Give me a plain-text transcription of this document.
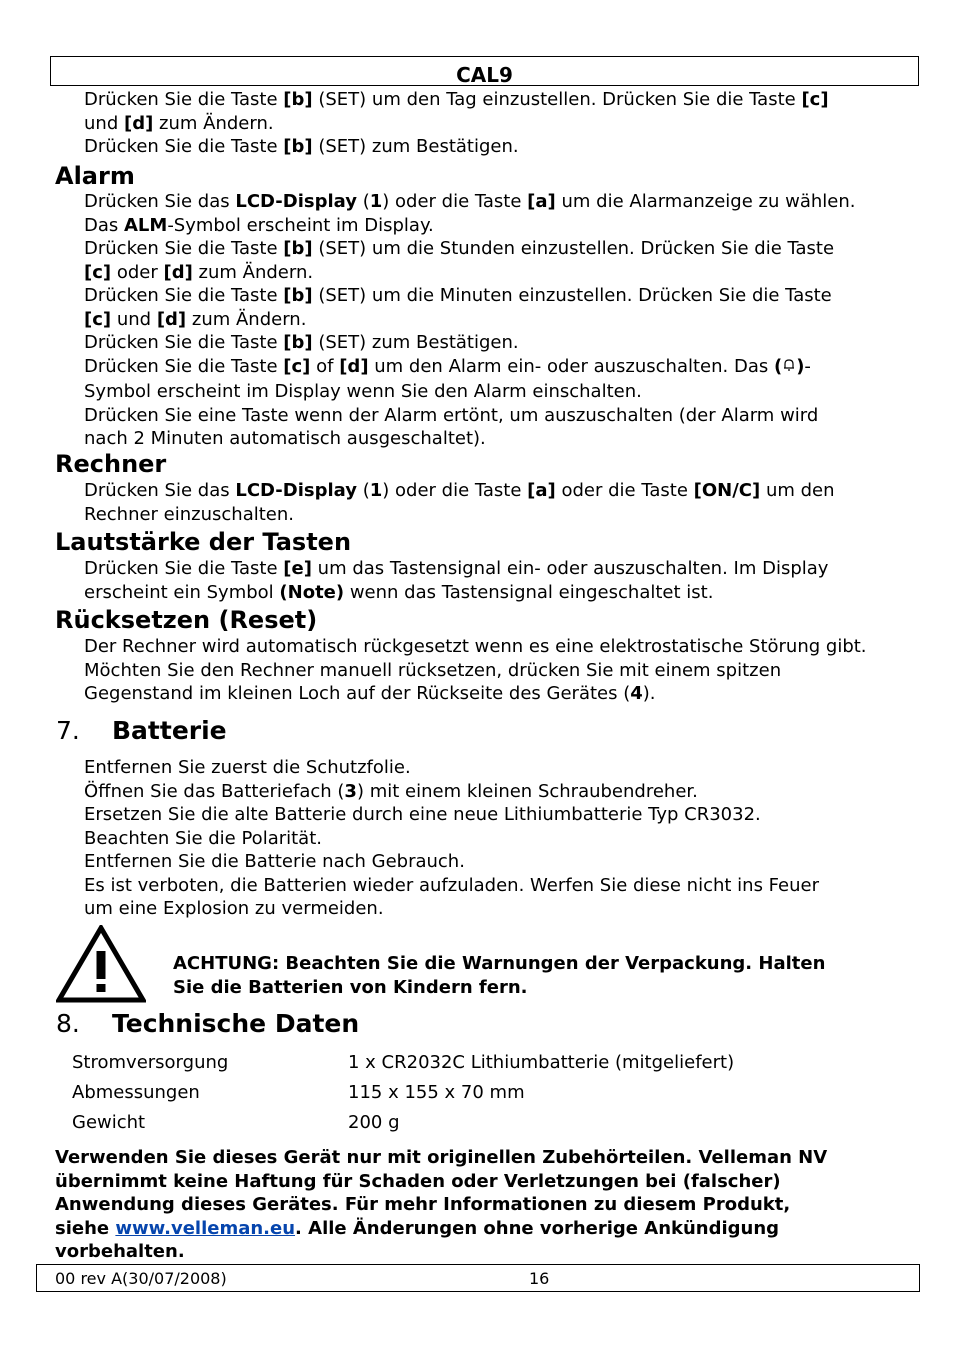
CAL9
Drücken Sie die Taste [b] (SET) um den Tag einzustellen. Drücken Sie die Taste [c]
und [d] zum Ändern.
Drücken Sie die Taste [b] (SET) zum Bestätigen.
Alarm
Drücken Sie das LCD-Display (1) oder die Taste [a] um die Alarmanzeige zu wählen.
Das ALM-Symbol erscheint im Display.
Drücken Sie die Taste [b] (SET) um die Stunden einzustellen. Drücken Sie die Taste
[c] oder [d] zum Ändern.
Drücken Sie die Taste [b] (SET) um die Minuten einzustellen. Drücken Sie die Taste
[c] und [d] zum Ändern.
Drücken Sie die Taste [b] (SET) zum Bestätigen.
Drücken Sie die Taste [c] of [d] um den Alarm ein- oder auszuschalten. Das ( )-
Symbol erscheint im Display wenn Sie den Alarm einschalten.
Drücken Sie eine Taste wenn der Alarm ertönt, um auszuschalten (der Alarm wird
nach 2 Minuten automatisch ausgeschaltet).
Rechner
Drücken Sie das LCD-Display (1) oder die Taste [a] oder die Taste [ON/C] um den
Rechner einzuschalten.
Lautstärke der Tasten
Drücken Sie die Taste [e] um das Tastensignal ein- oder auszuschalten. Im Display
erscheint ein Symbol (Note) wenn das Tastensignal eingeschaltet ist.
Rücksetzen (Reset)
Der Rechner wird automatisch rückgesetzt wenn es eine elektrostatische Störung gibt.
Möchten Sie den Rechner manuell rücksetzen, drücken Sie mit einem spitzen
Gegenstand im kleinen Loch auf der Rückseite des Gerätes (4).
7. Batterie
Entfernen Sie zuerst die Schutzfolie.
Öffnen Sie das Batteriefach (3) mit einem kleinen Schraubendreher.
Ersetzen Sie die alte Batterie durch eine neue Lithiumbatterie Typ CR3032.
Beachten Sie die Polarität.
Entfernen Sie die Batterie nach Gebrauch.
Es ist verboten, die Batterien wieder aufzuladen. Werfen Sie diese nicht ins Feuer
um eine Explosion zu vermeiden.
ACHTUNG: Beachten Sie die Warnungen der Verpackung. Halten
Sie die Batterien von Kindern fern.
8. Technische Daten
Stromversorgung	1 x CR2032C Lithiumbatterie (mitgeliefert)
Abmessungen	115 x 155 x 70 mm
Gewicht	200 g
Verwenden Sie dieses Gerät nur mit originellen Zubehörteilen. Velleman NV
übernimmt keine Haftung für Schaden oder Verletzungen bei (falscher)
Anwendung dieses Gerätes. Für mehr Informationen zu diesem Produkt,
siehe www.velleman.eu. Alle Änderungen ohne vorherige Ankündigung
vorbehalten.
00 rev A(30/07/2008)	16
